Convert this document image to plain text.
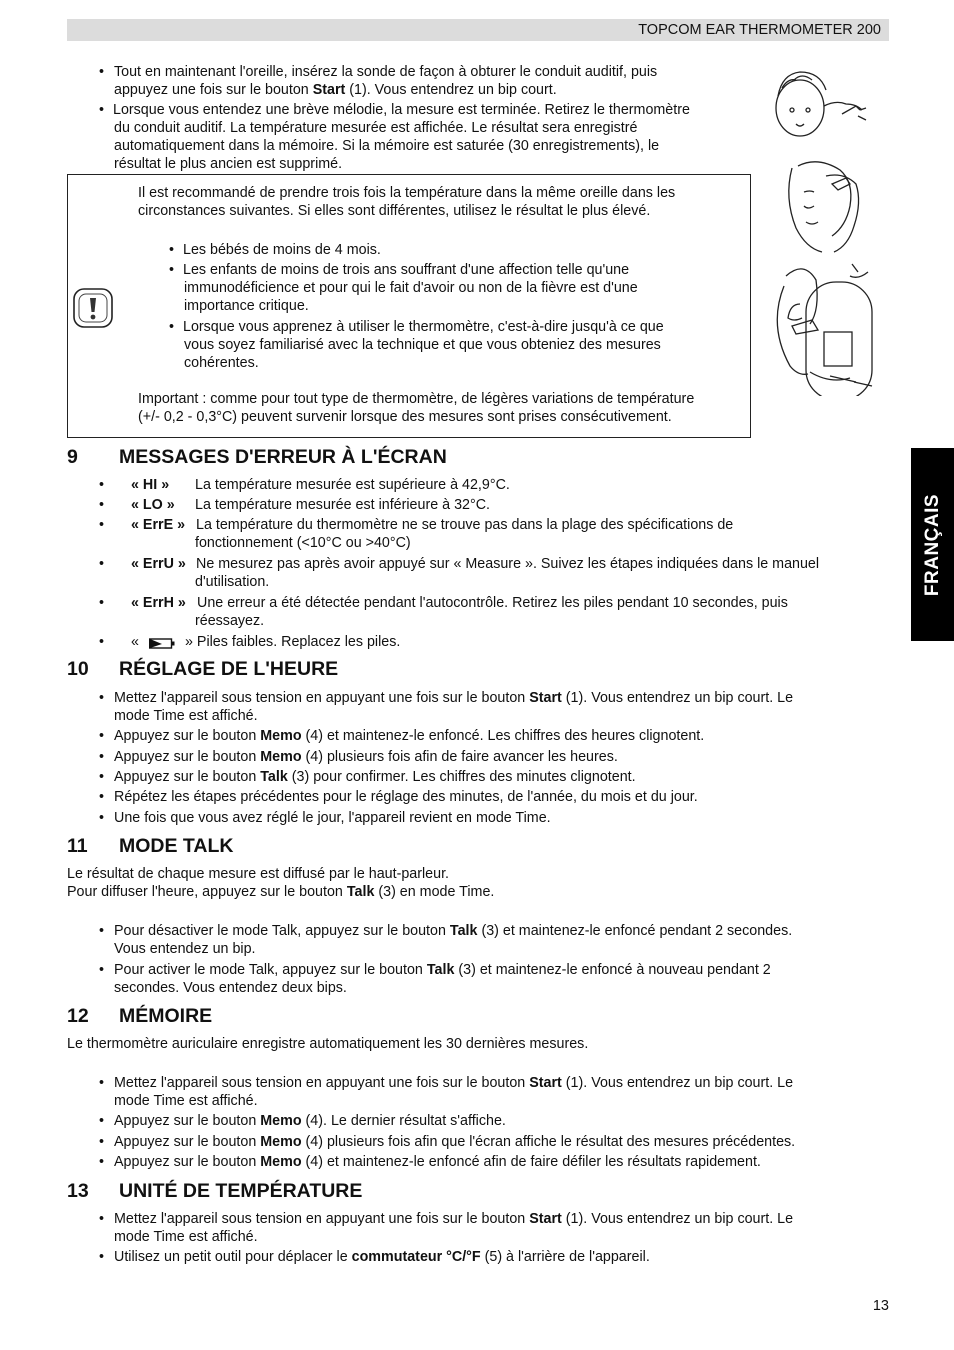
TOPCOM EAR THERMOMETER 200
FRANÇAIS
• Tout en maintenant l'oreille, insérez la sonde de façon à obturer le conduit auditif, puis
appuyez une fois sur le bouton Start (1). Vous entendrez un bip court.
• Lorsque vous entendez une brève mélodie, la mesure est terminée. Retirez le thermomètre
du conduit auditif. La température mesurée est affichée. Le résultat sera enregistré
automatiquement dans la mémoire. Si la mémoire est saturée (30 enregistrements), le
résultat le plus ancien est supprimé.
Il est recommandé de prendre trois fois la température dans la même oreille dans les
circonstances suivantes. Si elles sont différentes, utilisez le résultat le plus élevé.
• Les bébés de moins de 4 mois.
• Les enfants de moins de trois ans souffrant d'une affection telle qu'une
immunodéficience et pour qui le fait d'avoir ou non de la fièvre est d'une
importance critique.
• Lorsque vous apprenez à utiliser le thermomètre, c'est-à-dire jusqu'à ce que
vous soyez familiarisé avec la technique et que vous obteniez des mesures
cohérentes.
Important : comme pour tout type de thermomètre, de légères variations de température
(+/- 0,2 - 0,3°C) peuvent survenir lorsque des mesures sont prises consécutivement.
9 MESSAGES D'ERREUR À L'ÉCRAN
• « HI » La température mesurée est supérieure à 42,9°C.
• « LO » La température mesurée est inférieure à 32°C.
• « ErrE » La température du thermomètre ne se trouve pas dans la plage des spécifications de
fonctionnement (<10°C ou >40°C)
• « ErrU » Ne mesurez pas après avoir appuyé sur « Measure ». Suivez les étapes indiquées dans le manuel
d'utilisation.
• « ErrH » Une erreur a été détectée pendant l'autocontrôle. Retirez les piles pendant 10 secondes, puis
réessayez.
• «	» Piles faibles. Replacez les piles.
10 RÉGLAGE DE L'HEURE
• Mettez l'appareil sous tension en appuyant une fois sur le bouton Start (1). Vous entendrez un bip court. Le
mode Time est affiché.
• Appuyez sur le bouton Memo (4) et maintenez-le enfoncé. Les chiffres des heures clignotent.
• Appuyez sur le bouton Memo (4) plusieurs fois afin de faire avancer les heures.
• Appuyez sur le bouton Talk (3) pour confirmer. Les chiffres des minutes clignotent.
• Répétez les étapes précédentes pour le réglage des minutes, de l'année, du mois et du jour.
• Une fois que vous avez réglé le jour, l'appareil revient en mode Time.
11 MODE TALK
Le résultat de chaque mesure est diffusé par le haut-parleur.
Pour diffuser l'heure, appuyez sur le bouton Talk (3) en mode Time.
• Pour désactiver le mode Talk, appuyez sur le bouton Talk (3) et maintenez-le enfoncé pendant 2 secondes.
Vous entendez un bip.
• Pour activer le mode Talk, appuyez sur le bouton Talk (3) et maintenez-le enfoncé à nouveau pendant 2
secondes. Vous entendez deux bips.
12 MÉMOIRE
Le thermomètre auriculaire enregistre automatiquement les 30 dernières mesures.
• Mettez l'appareil sous tension en appuyant une fois sur le bouton Start (1). Vous entendrez un bip court. Le
mode Time est affiché.
• Appuyez sur le bouton Memo (4). Le dernier résultat s'affiche.
• Appuyez sur le bouton Memo (4) plusieurs fois afin que l'écran affiche le résultat des mesures précédentes.
• Appuyez sur le bouton Memo (4) et maintenez-le enfoncé afin de faire défiler les résultats rapidement.
13 UNITÉ DE TEMPÉRATURE
• Mettez l'appareil sous tension en appuyant une fois sur le bouton Start (1). Vous entendrez un bip court. Le
mode Time est affiché.
• Utilisez un petit outil pour déplacer le commutateur °C/°F (5) à l'arrière de l'appareil.
13
